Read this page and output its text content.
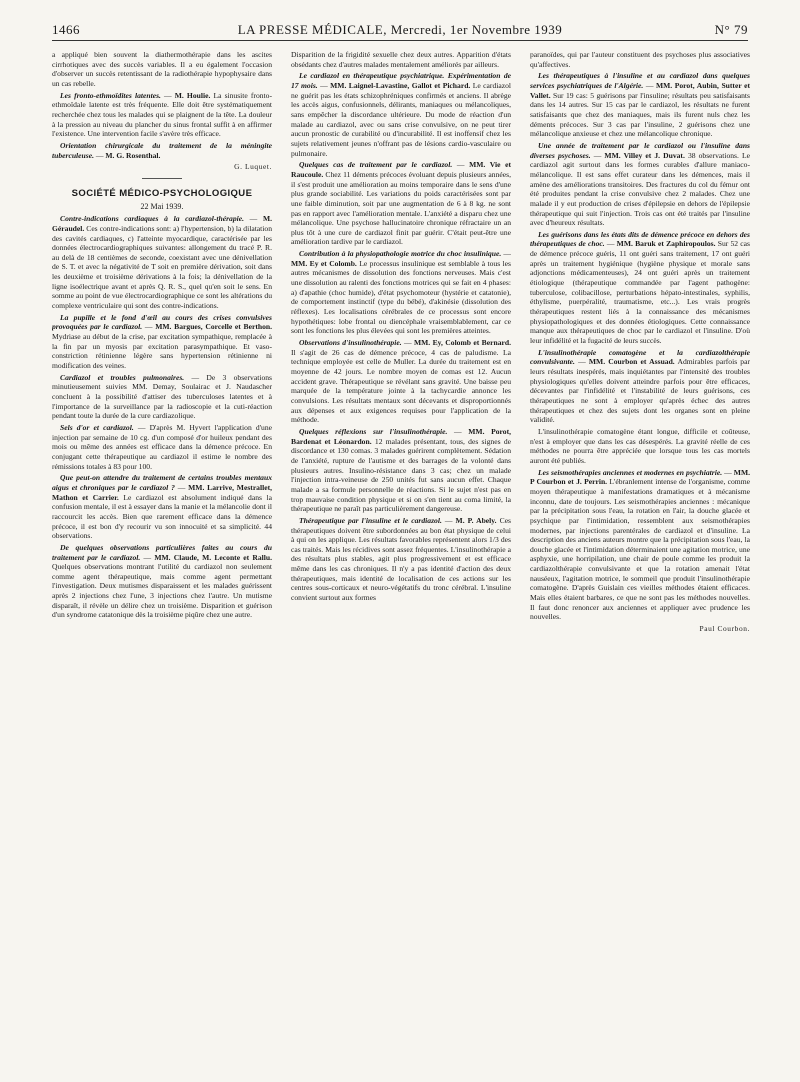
1466	LA PRESSE MÉDICALE, Mercredi, 1er Novembre 1939	N° 79

a appliqué bien souvent la diathermothérapie dans les ascites cirrhotiques avec des succès variables. Il a eu également l'occasion d'observer un succès retentissant de la radiothérapie hypophysaire dans un cas rebelle.

Les fronto-ethmoïdites latentes. — M. Houlie. La sinusite fronto-ethmoïdale latente est très fréquente. Elle doit être systématiquement recherchée chez tous les malades qui se plaignent de la tête. La douleur à la pression au niveau du plancher du sinus frontal suffit à en affirmer l'existence. Une intervention facile s'avère très efficace.

Orientation chirurgicale du traitement de la méningite tuberculeuse. — M. G. Rosenthal.

G. Luquet.

SOCIÉTÉ MÉDICO-PSYCHOLOGIQUE
22 Mai 1939.

Contre-indications cardiaques à la cardiazol-thérapie. — M. Géraudel. Ces contre-indications sont: a) l'hypertension, b) la dilatation des cavités cardiaques, c) l'atteinte myocardique, caractérisée par les données électrocardiographiques suivantes: allongement du tracé P. R. au delà de 18 centièmes de seconde, coexistant avec une dénivellation de S. T. et avec la négativité de T soit en première dérivation, soit dans les deuxième et troisième dérivations à la fois; la dénivellation de la ligne isoélectrique avant et après Q. R. S., quel qu'en soit le sens. En somme au point de vue électrocardiographique ce sont les altérations du complexe ventriculaire qui sont des contre-indications.

La pupille et le fond d'œil au cours des crises convulsives provoquées par le cardiazol. — MM. Bargues, Corcelle et Berthon. Mydriase au début de la crise, par excitation sympathique, remplacée à la fin par un myosis par excitation parasympathique. Et vaso-constriction rétinienne légère sans hypertension rétinienne ni modification des veines.

Cardiazol et troubles pulmonaires. — De 3 observations minutieusement suivies MM. Demay, Soulairac et J. Naudascher concluent à la possibilité d'attiser des tuberculoses latentes et à l'importance de la surveillance par la radioscopie et la cuti-réaction pendant toute la durée de la cure cardiazolique.

Sels d'or et cardiazol. — D'après M. Hyvert l'application d'une injection par semaine de 10 cg. d'un composé d'or huileux pendant des mois ou même des années est efficace dans la démence précoce. En conjugant cette thérapeutique au cardiazol il estime le nombre des rémissions totales à 83 pour 100.

Que peut-on attendre du traitement de certains troubles mentaux aigus et chroniques par le cardiazol ? — MM. Larrive, Mestrallet, Mathon et Carrier. Le cardiazol est absolument indiqué dans la confusion mentale, il est à essayer dans la manie et la mélancolie dont il raccourcit les accès. Bien que rarement efficace dans la démence précoce, il est bon d'y recourir vu son innocuité et sa simplicité. 44 observations.

De quelques observations particulières faites au cours du traitement par le cardiazol. — MM. Claude, M. Leconte et Rallu. Quelques observations montrant l'utilité du cardiazol non seulement comme agent thérapeutique, mais comme agent permettant l'investigation. Deux mutismes disparaissent et les malades guérissent après 2 injections chez l'une, 3 injections chez l'autre. Un mutisme disparaît, il révèle un délire chez un troisième. Disparition et guérison d'un syndrome catatonique dès la troisième piqûre chez une autre.

Disparition de la frigidité sexuelle chez deux autres. Apparition d'états obsédants chez d'autres malades mentalement améliorés par ailleurs.

Le cardiazol en thérapeutique psychiatrique. Expérimentation de 17 mois. — MM. Laignel-Lavastine, Gallot et Pichard. Le cardiazol ne guérit pas les états schizophréniques confirmés et anciens. Il abrège les accès aigus, confusionnels, délirants, maniaques ou mélancoliques, sans empêcher la discordance ultérieure. Du mode de réaction d'un malade au cardiazol, avec ou sans crise convulsive, on ne peut tirer aucun pronostic de curabilité ou d'incurabilité. Il est inoffensif chez les sujets relativement jeunes n'offrant pas de lésions cardio-vasculaire ou pulmonaire.

Quelques cas de traitement par le cardiazol. — MM. Vie et Raucoule. Chez 11 déments précoces évoluant depuis plusieurs années, il s'est produit une amélioration au moins temporaire dans le sens d'une plus grande sociabilité. Les variations du poids caractérisées sont par une faible diminution, soit par une augmentation de 6 à 8 kg. ne sont pas en rapport avec l'amélioration mentale. L'anxiété a disparu chez une mélancolique. Une psychose hallucinatoire chronique réfractaire un an plus tôt à une cure de cardiazol finit par guérir. C'était peut-être une amélioration tardive par le cardiazol.

Contribution à la physiopathologie motrice du choc insulinique. — MM. Ey et Colomb. Le processus insulinique est semblable à tous les autres mécanismes de dissolution des fonctions nerveuses. Mais c'est une dissolution au ralenti des fonctions motrices qui se fait en 4 phases: a) d'apathie (choc humide), d'état psychomoteur (hystérie et catatonie), de comportement instinctif (type du bébé), d'akinésie (dissolution des réflexes). Les localisations cérébrales de ce processus sont encore hypothétiques: lobe frontal ou diencéphale vraisemblablement, car ce sont les fonctions les plus élevées qui sont les premières atteintes.

Observations d'insulinothérapie. — MM. Ey, Colomb et Bernard. Il s'agit de 26 cas de démence précoce, 4 cas de paludisme. La technique employée est celle de Muller. La durée du traitement est en moyenne de 42 jours. Le nombre moyen de comas est 12. Aucun accident grave. Thérapeutique se révélant sans gravité. Une baisse peu marquée de la température jointe à la tachycardie annonce les convulsions. Les résultats mentaux sont décevants et disproportionnés aux dépenses et aux exigences requises pour l'application de la méthode.

Quelques réflexions sur l'insulinothérapie. — MM. Porot, Bardenat et Léonardon. 12 malades présentant, tous, des signes de discordance et 130 comas. 3 malades guérirent complètement. Sédation de l'anxiété, rupture de l'autisme et des barrages de la volonté dans plusieurs autres. Insulino-résistance dans 3 cas; chez un malade l'injection intra-veineuse de 250 unités fut sans aucun effet. Chaque malade a sa formule personnelle de réactions. Si le sujet n'est pas en trop mauvaise condition physique et si on s'en tient au coma limité, la thérapeutique ne paraît pas particulièrement dangereuse.

Thérapeutique par l'insuline et le cardiazol. — M. P. Abely. Ces thérapeutiques doivent être subordonnées au bon état physique de celui à qui on les applique. Les résultats favorables représentent alors 1/3 des cas traités. Mais les récidives sont assez fréquentes. L'insulinothérapie a des résultats plus stables, agit plus progressivement et est efficace même dans les cas chroniques. Il n'y a pas identité d'action des deux thérapeutiques, mais identité de localisation de ces actions sur les centres sous-corticaux et neuro-végétatifs du tronc cérébral. L'insuline convient surtout aux formes

paranoïdes, qui par l'auteur constituent des psychoses plus associatives qu'affectives.

Les thérapeutiques à l'insuline et au cardiazol dans quelques services psychiatriques de l'Algérie. — MM. Porot, Aubin, Sutter et Vallet. Sur 19 cas: 5 guérisons par l'insuline; résultats peu satisfaisants dans les 14 autres. Sur 15 cas par le cardiazol, les résultats ne furent satisfaisants que chez des maniaques, mais ils furent nuls chez les déments précoces. Sur 3 cas par l'insuline, 2 guérisons chez une mélancolique anxieuse et chez une mélancolique chronique.

Une année de traitement par le cardiazol ou l'insuline dans diverses psychoses. — MM. Villey et J. Duvat. 38 observations. Le cardiazol agit surtout dans les formes curables d'allure maniaco-mélancolique. Il est sans effet curateur dans les démences, mais il amène des améliorations transitoires. Des fractures du col du fémur ont été produites pendant la crise convulsive chez 2 malades. Chez une malade il y eut production de crises d'épilepsie en dehors de l'épilepsie thérapeutique qui suit l'injection. Trois cas ont été traités par l'insuline avec d'heureux résultats.

Les guérisons dans les états dits de démence précoce en dehors des thérapeutiques de choc. — MM. Baruk et Zaphiropoulos. Sur 52 cas de démence précoce guéris, 11 ont guéri sans traitement, 17 ont guéri après un traitement hygiénique (hygiène physique et morale sans adjonctions médicamenteuses), 24 ont guéri après un traitement étiologique (thérapeutique commandée par l'agent pathogène: tuberculose, colibacillose, perturbations hépato-intestinales, syphilis, éthylisme, puerpéralité, traumatisme, etc...). Les vrais progrès thérapeutiques restent liés à la connaissance des mécanismes physiopathologiques et des données étiologiques. Cette connaissance manque aux thérapeutiques de choc par le cardiazol et l'insuline. D'où leur infidélité et la fugacité de leurs succès.

L'insulinothérapie comatogène et la cardiazolthérapie convulsivante. — MM. Courbon et Assuad. Admirables parfois par leurs résultats inespérés, mais inquiétantes par l'intensité des troubles physiologiques qu'elles doivent atteindre parfois pour être efficaces, décevantes par l'infidélité et l'instabilité de leurs guérisons, ces thérapeutiques ne sont à employer qu'après échec des autres thérapeutiques et chez des sujets dont les organes sont en pleine validité.

L'insulinothérapie comatogène étant longue, difficile et coûteuse, n'est à employer que dans les cas désespérés. La gravité réelle de ces méthodes ne pourra être appréciée que lorsque tous les cas mortels auront été publiés.

Les seismothérapies anciennes et modernes en psychiatrie. — MM. P Courbon et J. Perrin. L'ébranlement intense de l'organisme, comme moyen thérapeutique à manifestations dramatiques et à mécanisme inconnu, date de toujours. Les seismothérapies anciennes : mécanique par la précipitation sous l'eau, la rotation en l'air, la douche glacée et psychique par l'intimidation, ressemblent aux seismothérapies modernes, par injections parentérales de cardiazol et d'insuline. La description des anciens auteurs montre que la précipitation sous l'eau, la douche glacée et l'intimidation déterminaient une agitation motrice, une asphyxie, une horripilation, une chair de poule comme les produit la cardiazolthérapie convulsivante et que la rotation amenait l'état nauséeux, l'agitation motrice, le sommeil que produit l'insulinothérapie comatogène. D'après Guislain ces vieilles méthodes étaient efficaces. Mais elles étaient barbares, ce que ne sont pas les méthodes nouvelles. Il faut donc renoncer aux anciennes et appliquer avec prudence les nouvelles.

Paul Courbon.
